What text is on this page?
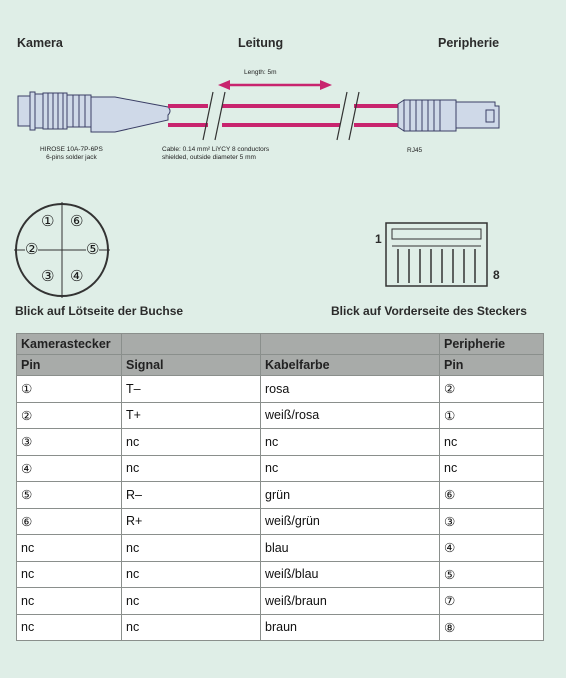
Kamera	Leitung	Peripherie
Length: 5m
HIROSE 10A-7P-6PS
6-pins solder jack
Cable: 0.14 mm² LiYCY 8 conductors
shielded, outside diameter 5 mm
RJ45
① ⑥
②	⑤
③ ④
1
8
Blick auf Lötseite der Buchse	Blick auf Vorderseite des Steckers
Kamerastecker			Peripherie
Pin	Signal	Kabelfarbe	Pin
①	T–	rosa	②
②	T+	weiß/rosa	①
③	nc	nc	nc
④	nc	nc	nc
⑤	R–	grün	⑥
⑥	R+	weiß/grün	③
nc	nc	blau	④
nc	nc	weiß/blau	⑤
nc	nc	weiß/braun	⑦
nc	nc	braun	⑧
